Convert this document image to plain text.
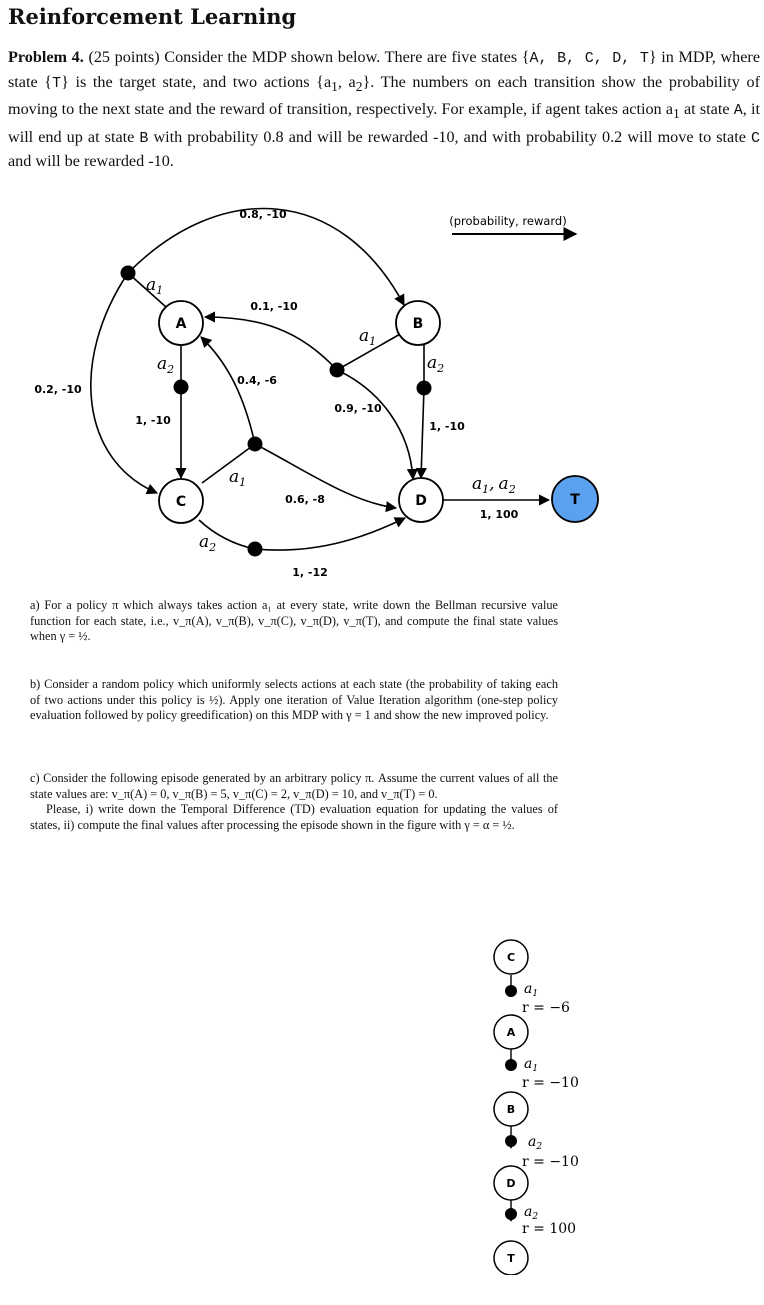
Reinforcement Learning
Problem 4. (25 points) Consider the MDP shown below. There are five states {A, B, C, D, T} in MDP, where state {T} is the target state, and two actions {$a_1$, $a_2$}. The numbers on each transition show the probability of moving to the next state and the reward of transition, respectively. For example, if agent takes action $a_1$ at state A, it will end up at state B with probability 0.8 and will be rewarded -10, and with probability 0.2 will move to state C and will be rewarded -10.
(probability, reward)
A	B
C	D	T
$a_1$
$a_2$
$a_1$
$a_2$
$a_1$
$a_2$
$a_1$, $a_2$
0.8, -10
0.2, -10
1, -10
0.1, -10
0.9, -10
0.4, -6
0.6, -8
1, -10
1, -12
1, 100
a) For a policy π which always takes action a₁ at every state, write down the Bellman recursive value function for each state, i.e., v_π(A), v_π(B), v_π(C), v_π(D), v_π(T), and compute the final state values when γ = ½.
b) Consider a random policy which uniformly selects actions at each state (the probability of taking each of two actions under this policy is ½). Apply one iteration of Value Iteration algorithm (one-step policy evaluation followed by policy greedification) on this MDP with γ = 1 and show the new improved policy.
c) Consider the following episode generated by an arbitrary policy π. Assume the current values of all the state values are: v_π(A) = 0, v_π(B) = 5, v_π(C) = 2, v_π(D) = 10, and v_π(T) = 0.
Please, i) write down the Temporal Difference (TD) evaluation equation for updating the values of states, ii) compute the final values after processing the episode shown in the figure with γ = α = ½.
C
A
B
D
T
$a_1$
r = −6
$a_1$
r = −10
$a_2$
r = −10
$a_2$
r = 100
